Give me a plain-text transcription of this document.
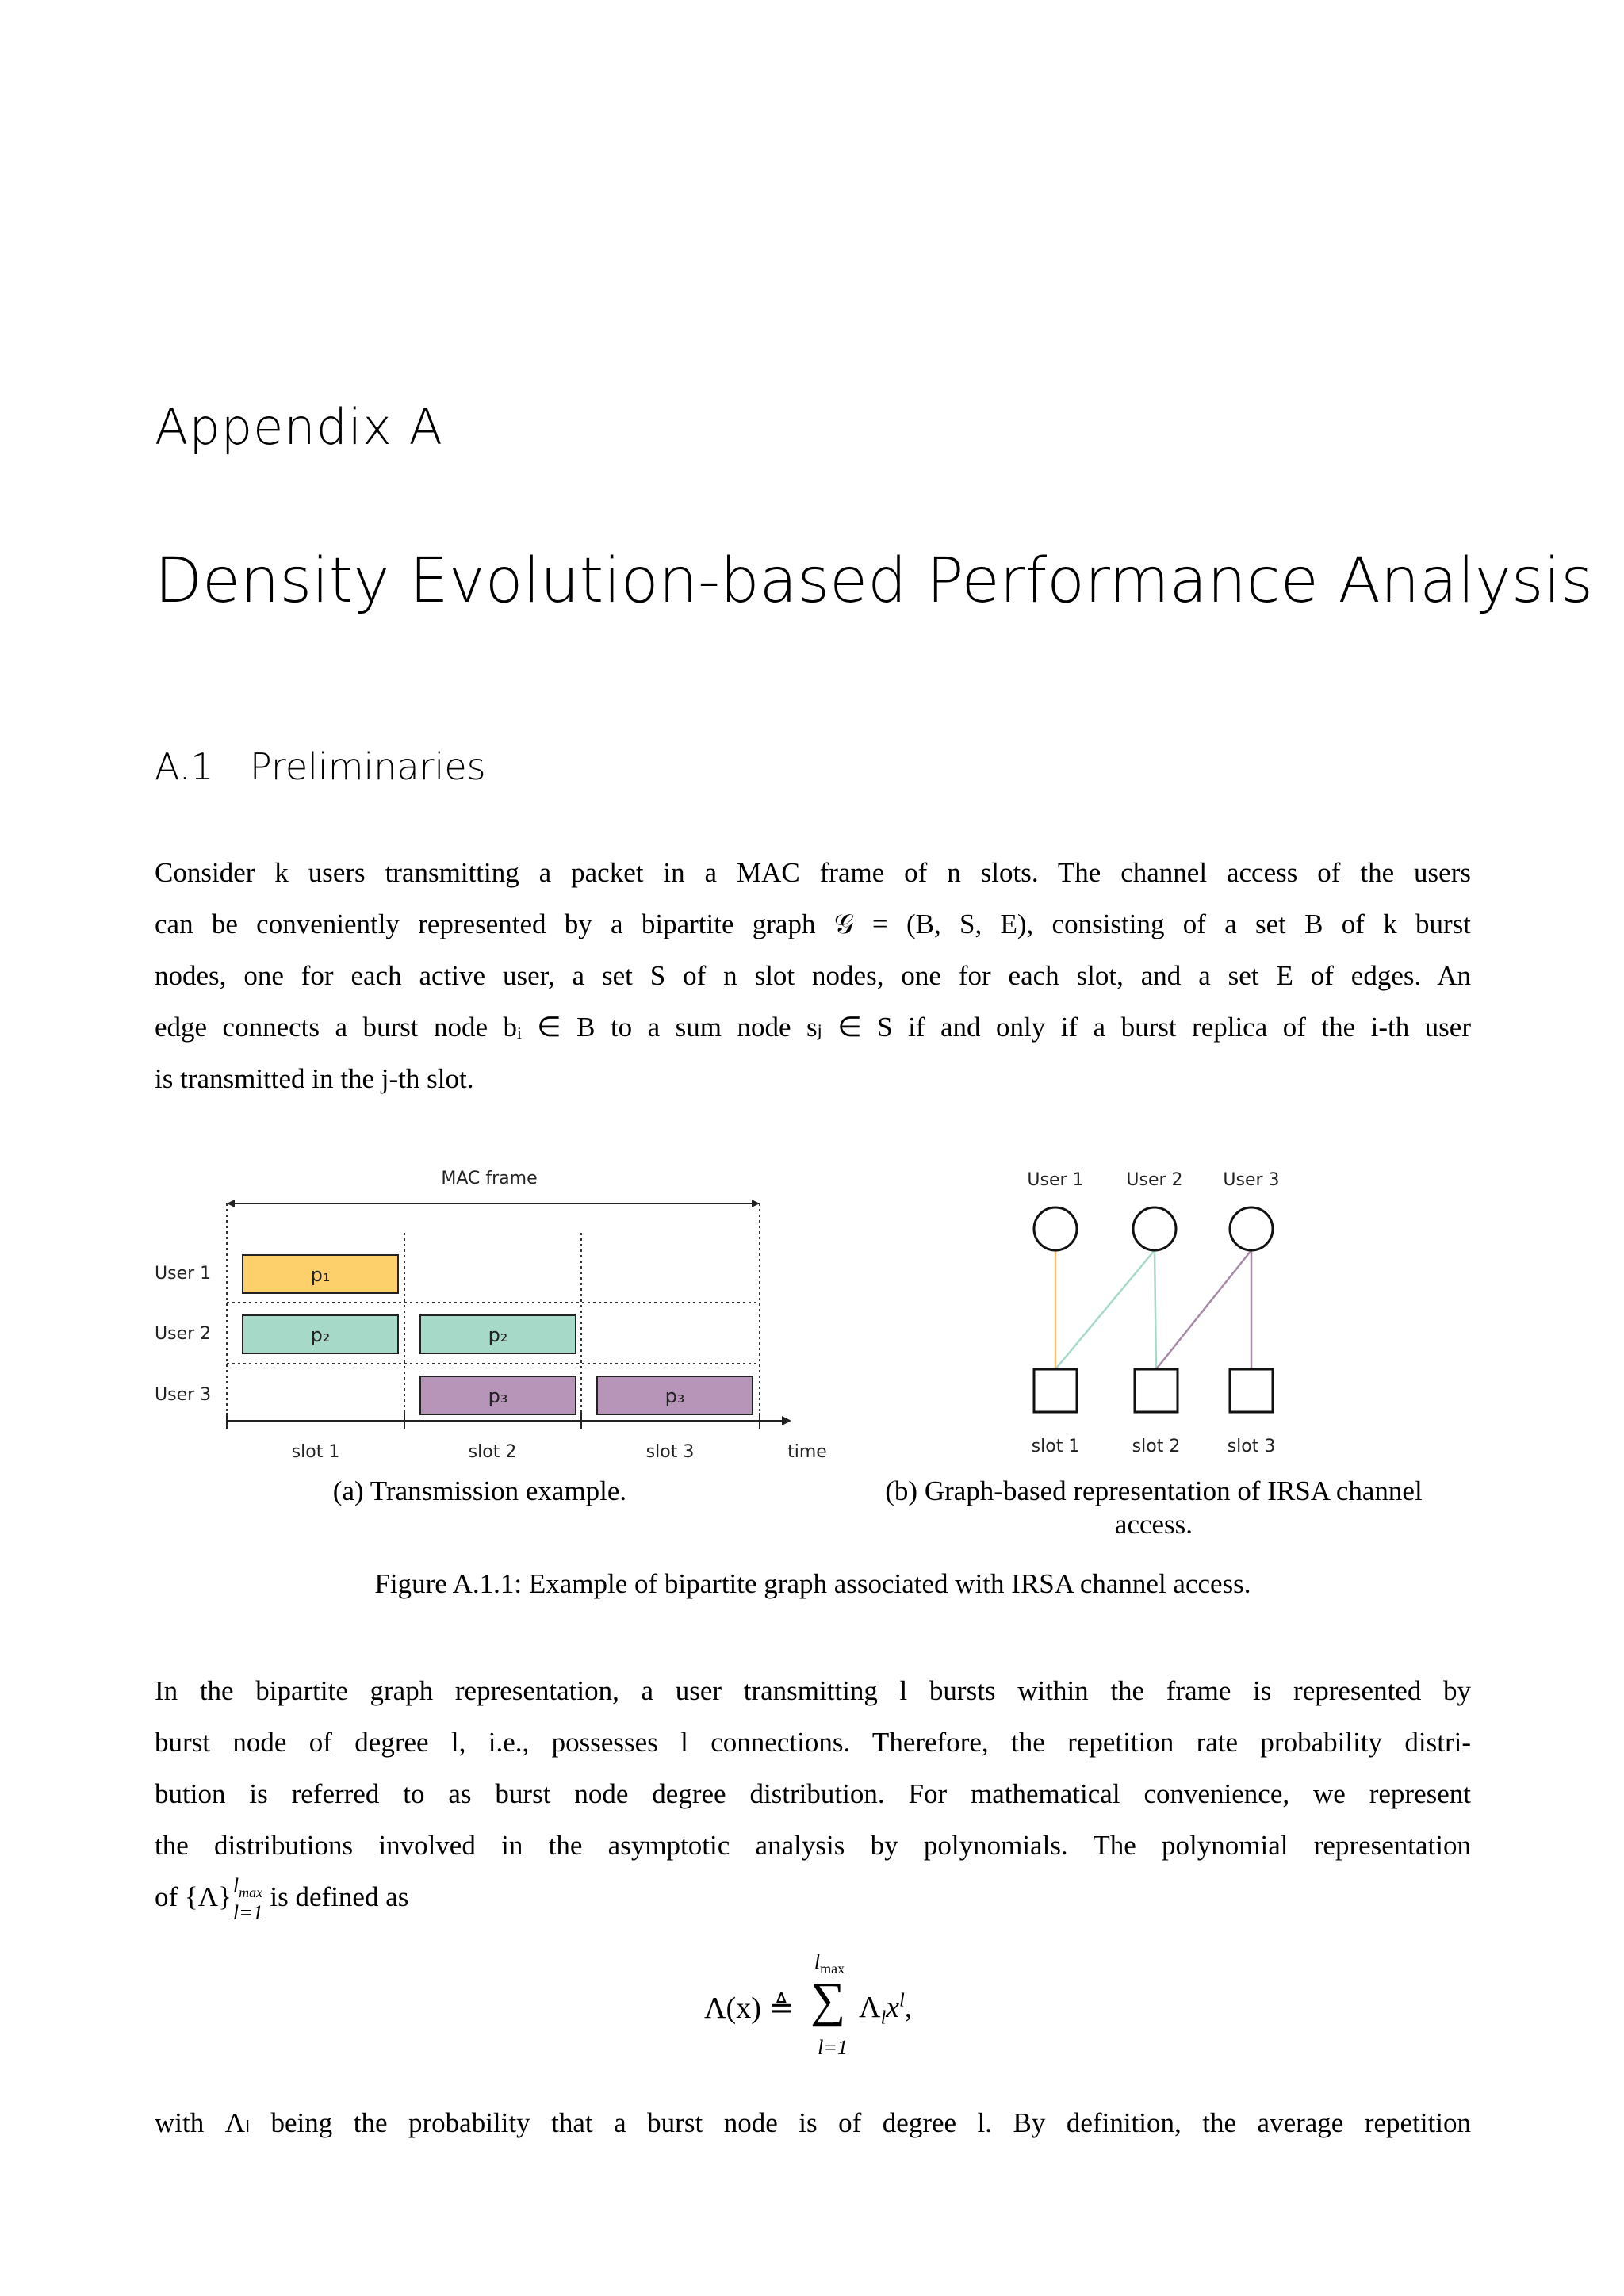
Appendix A
Density Evolution-based Performance Analysis
A.1 Preliminaries
Consider k users transmitting a packet in a MAC frame of n slots. The channel access of the users
can be conveniently represented by a bipartite graph 𝒢 = (B, S, E), consisting of a set B of k burst
nodes, one for each active user, a set S of n slot nodes, one for each slot, and a set E of edges. An
edge connects a burst node bᵢ ∈ B to a sum node sⱼ ∈ S if and only if a burst replica of the i-th user
is transmitted in the j-th slot.
MAC frame
User 1
User 2
User 3
p₁
p₂	p₂
p₃	p₃
slot 1	slot 2	slot 3	time
(a) Transmission example.
User 1 User 2 User 3
slot 1	slot 2	slot 3
(b) Graph-based representation of IRSA channel
access.
Figure A.1.1: Example of bipartite graph associated with IRSA channel access.
In the bipartite graph representation, a user transmitting l bursts within the frame is represented by
burst node of degree l, i.e., possesses l connections. Therefore, the repetition rate probability distri-
bution is referred to as burst node degree distribution. For mathematical convenience, we represent
the distributions involved in the asymptotic analysis by polynomials. The polynomial representation
of {Λ} $l_{max}$
l=1
is defined as
Λ(x) ≜
$l_{max}$
∑
l=1
$\Lambda_lx^l$,
with Λₗ being the probability that a burst node is of degree l. By definition, the average repetition
